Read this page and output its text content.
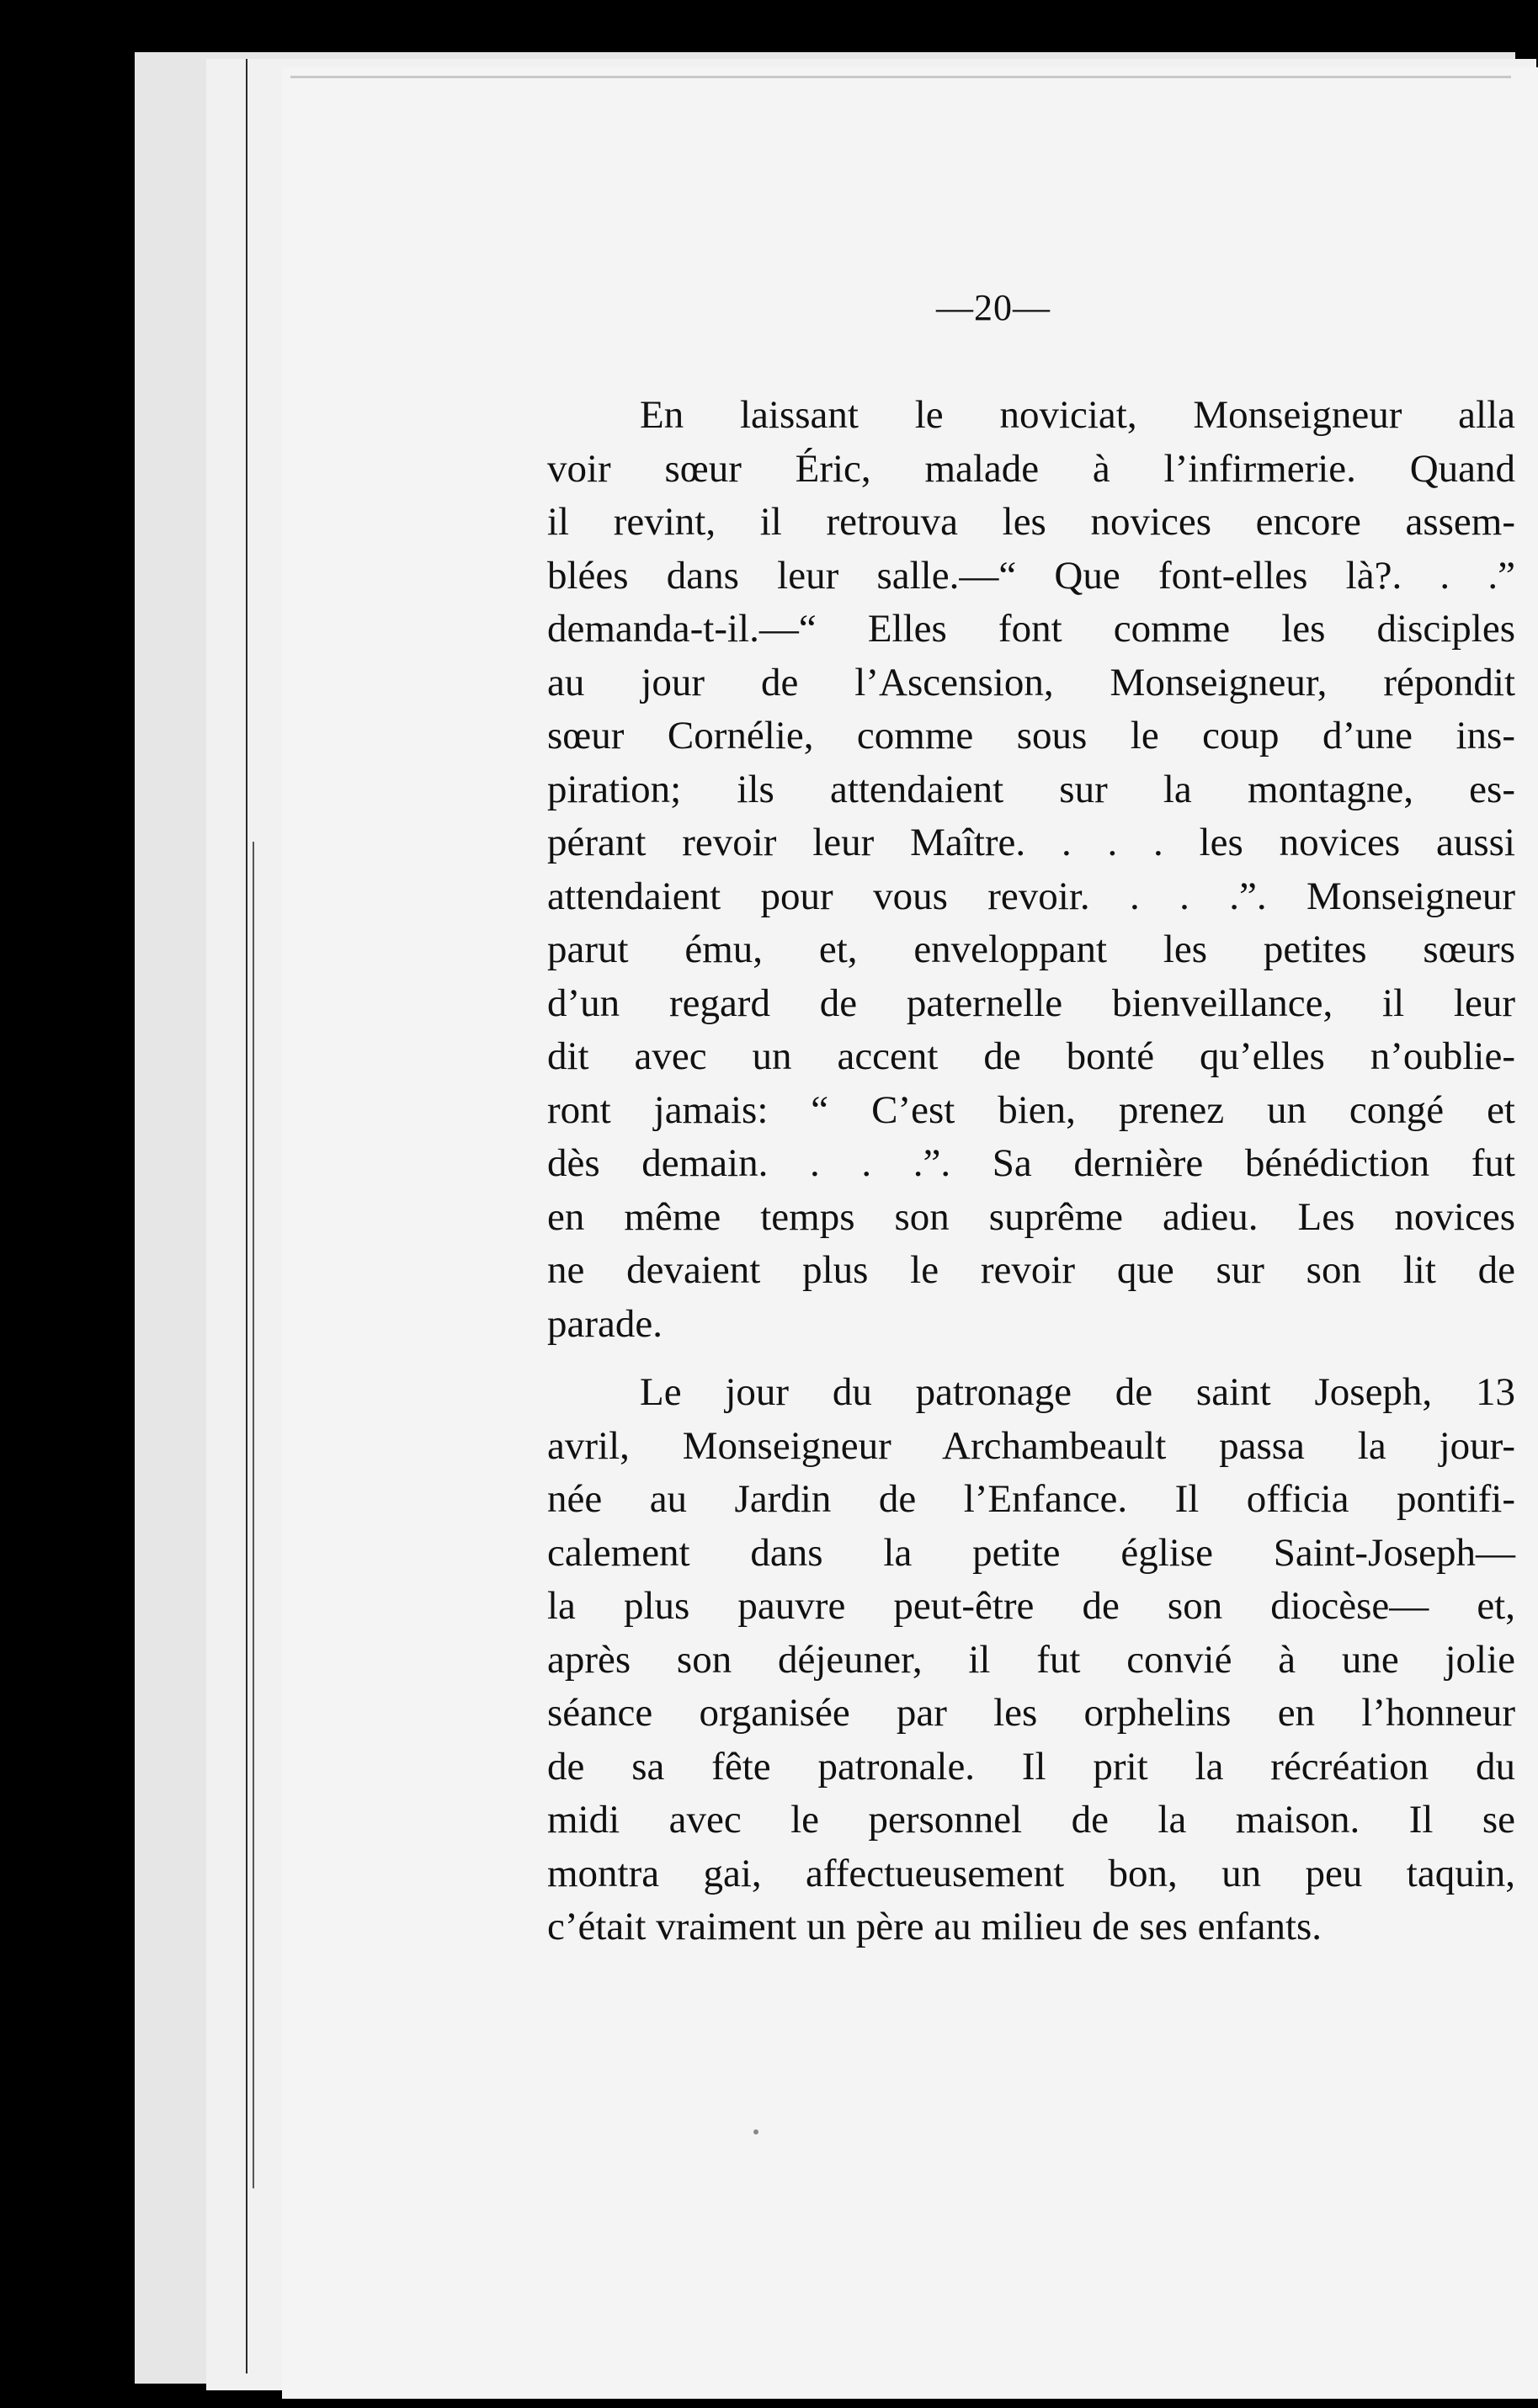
—20—
En laissant le noviciat, Monseigneur alla
voir sœur Éric, malade à l’infirmerie. Quand
il revint, il retrouva les novices encore assem-
blées dans leur salle.—“ Que font-elles là?. . .”
demanda-t-il.—“ Elles font comme les disciples
au jour de l’Ascension, Monseigneur, répondit
sœur Cornélie, comme sous le coup d’une ins-
piration; ils attendaient sur la montagne, es-
pérant revoir leur Maître. . . . les novices aussi
attendaient pour vous revoir. . . .”. Monseigneur
parut ému, et, enveloppant les petites sœurs
d’un regard de paternelle bienveillance, il leur
dit avec un accent de bonté qu’elles n’oublie-
ront jamais: “ C’est bien, prenez un congé et
dès demain. . . .”. Sa dernière bénédiction fut
en même temps son suprême adieu. Les novices
ne devaient plus le revoir que sur son lit de
parade.
Le jour du patronage de saint Joseph, 13
avril, Monseigneur Archambeault passa la jour-
née au Jardin de l’Enfance. Il officia pontifi-
calement dans la petite église Saint-Joseph—
la plus pauvre peut-être de son diocèse— et,
après son déjeuner, il fut convié à une jolie
séance organisée par les orphelins en l’honneur
de sa fête patronale. Il prit la récréation du
midi avec le personnel de la maison. Il se
montra gai, affectueusement bon, un peu taquin,
c’était vraiment un père au milieu de ses enfants.
